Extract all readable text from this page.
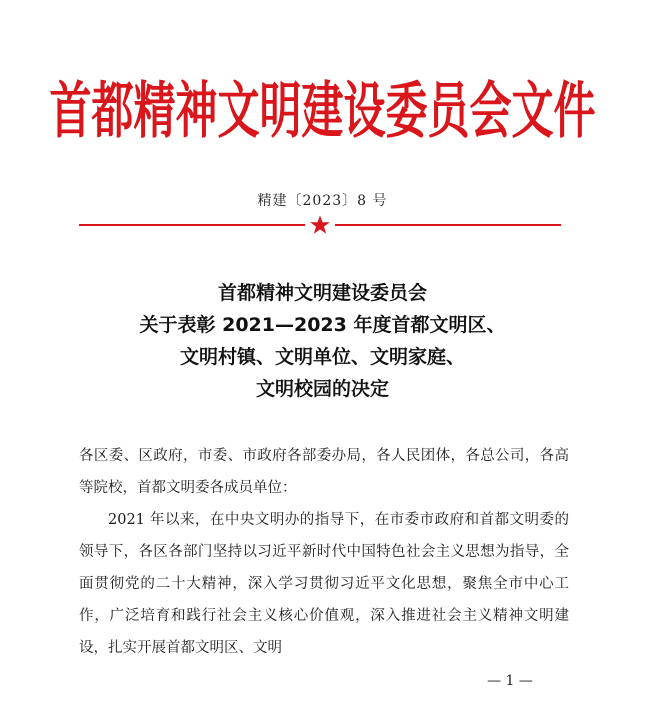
首都精神文明建设委员会文件
精建〔2023〕8 号
首都精神文明建设委员会
关于表彰 2021—2023 年度首都文明区、
文明村镇、文明单位、文明家庭、
文明校园的决定

各区委、区政府，市委、市政府各部委办局，各人民团体，各总公司，各高等院校，首都文明委各成员单位：

2021 年以来，在中央文明办的指导下，在市委市政府和首都文明委的领导下，各区各部门坚持以习近平新时代中国特色社会主义思想为指导，全面贯彻党的二十大精神，深入学习贯彻习近平文化思想，聚焦全市中心工作，广泛培育和践行社会主义核心价值观，深入推进社会主义精神文明建设，扎实开展首都文明区、文明

— 1 —
